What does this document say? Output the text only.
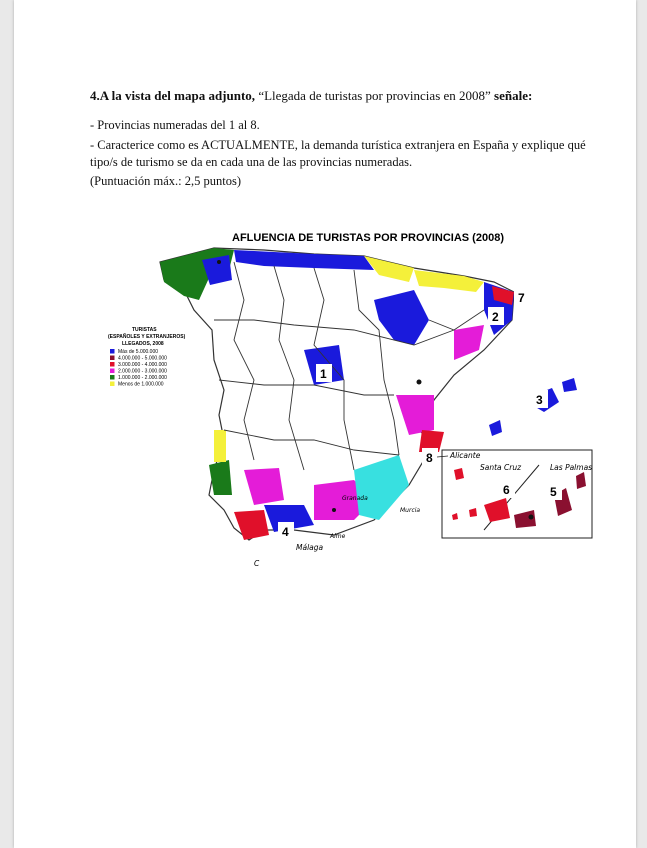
4.A la vista del mapa adjunto, “Llegada de turistas por provincias en 2008” señale:

- Provincias numeradas del 1 al 8.

- Caracterice como es ACTUALMENTE, la demanda turística extranjera en España y explique qué tipo/s de turismo se da en cada una de las provincias numeradas.

(Puntuación máx.: 2,5 puntos)

AFLUENCIA DE TURISTAS POR PROVINCIAS (2008)
TURISTAS
(ESPAÑOLES Y EXTRANJEROS)
LLEGADOS, 2008
Más de 5.000.000
4.000.000 - 5.000.000
3.000.000 - 4.000.000
2.000.000 - 3.000.000
1.000.000 - 2.000.000
Menos de 1.000.000
1
2
3
4
5
6
7
8 Alicante
Santa Cruz	Las Palmas
Murcia
Málaga
Granada
Alme
C
